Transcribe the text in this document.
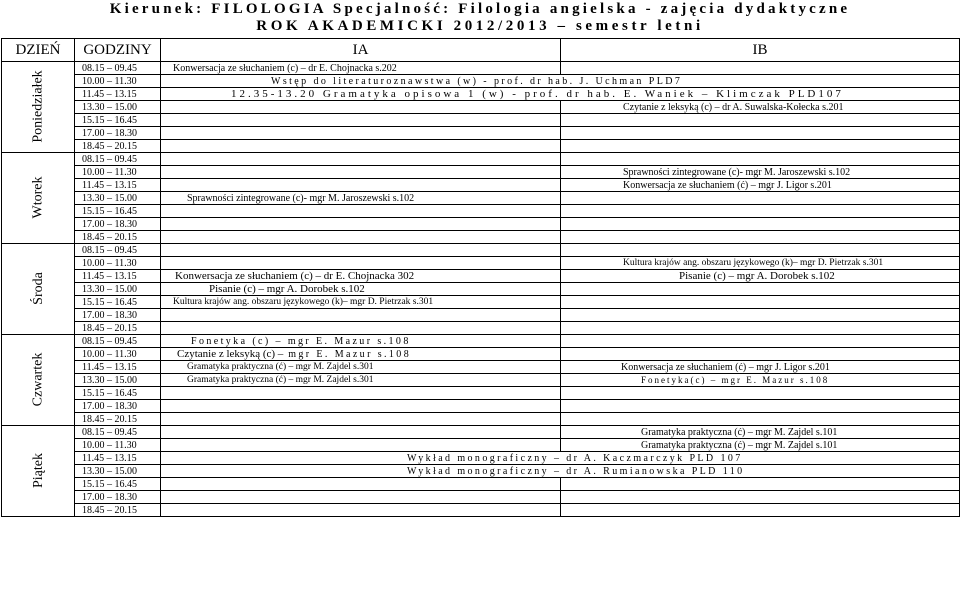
Kierunek: FILOLOGIA Specjalność: Filologia angielska - zajęcia dydaktyczne
ROK AKADEMICKI 2012/2013 – semestr letni
DZIEŃ	GODZINY	IA	IB
Poniedziałek	08.15 – 09.45	Konwersacja ze słuchaniem (c) – dr E. Chojnacka s.202	
	10.00 – 11.30	Wstęp do literaturoznawstwa (w) - prof. dr hab. J. Uchman PLD7	
	11.45 – 13.15	12.35-13.20 Gramatyka opisowa 1 (w) - prof. dr hab. E. Waniek – Klimczak PLD107	
	13.30 – 15.00		Czytanie z leksyką (c) – dr A. Suwalska-Kołecka s.201
	15.15 – 16.45		
	17.00 – 18.30		
	18.45 – 20.15		
Wtorek	08.15 – 09.45		
	10.00 – 11.30		Sprawności zintegrowane (c)- mgr M. Jaroszewski s.102
	11.45 – 13.15		Konwersacja ze słuchaniem (ć) – mgr J. Ligor s.201
	13.30 – 15.00	Sprawności zintegrowane (c)- mgr M. Jaroszewski s.102	
	15.15 – 16.45		
	17.00 – 18.30		
	18.45 – 20.15		
Środa	08.15 – 09.45		
	10.00 – 11.30		Kultura krajów ang. obszaru językowego (k)– mgr D. Pietrzak s.301
	11.45 – 13.15	Konwersacja ze słuchaniem (c) – dr E. Chojnacka 302	Pisanie (c) – mgr A. Dorobek s.102
	13.30 – 15.00	Pisanie (c) – mgr A. Dorobek s.102	
	15.15 – 16.45	Kultura krajów ang. obszaru językowego (k)– mgr D. Pietrzak s.301	
	17.00 – 18.30		
	18.45 – 20.15		
Czwartek	08.15 – 09.45	Fonetyka (c) – mgr E. Mazur s.108	
	10.00 – 11.30	Czytanie z leksyką (c) – mgr E. Mazur s.108	
	11.45 – 13.15	Gramatyka praktyczna (ć) – mgr M. Zajdel s.301	Konwersacja ze słuchaniem (ć) – mgr J. Ligor s.201
	13.30 – 15.00	Gramatyka praktyczna (ć) – mgr M. Zajdel s.301	Fonetyka(c) – mgr E. Mazur s.108
	15.15 – 16.45		
	17.00 – 18.30		
	18.45 – 20.15		
Piątek	08.15 – 09.45		Gramatyka praktyczna (ć) – mgr M. Zajdel s.101
	10.00 – 11.30		Gramatyka praktyczna (ć) – mgr M. Zajdel s.101
	11.45 – 13.15	Wykład monograficzny – dr A. Kaczmarczyk PLD 107	
	13.30 – 15.00	Wykład monograficzny – dr A. Rumianowska PLD 110	
	15.15 – 16.45		
	17.00 – 18.30		
	18.45 – 20.15		
